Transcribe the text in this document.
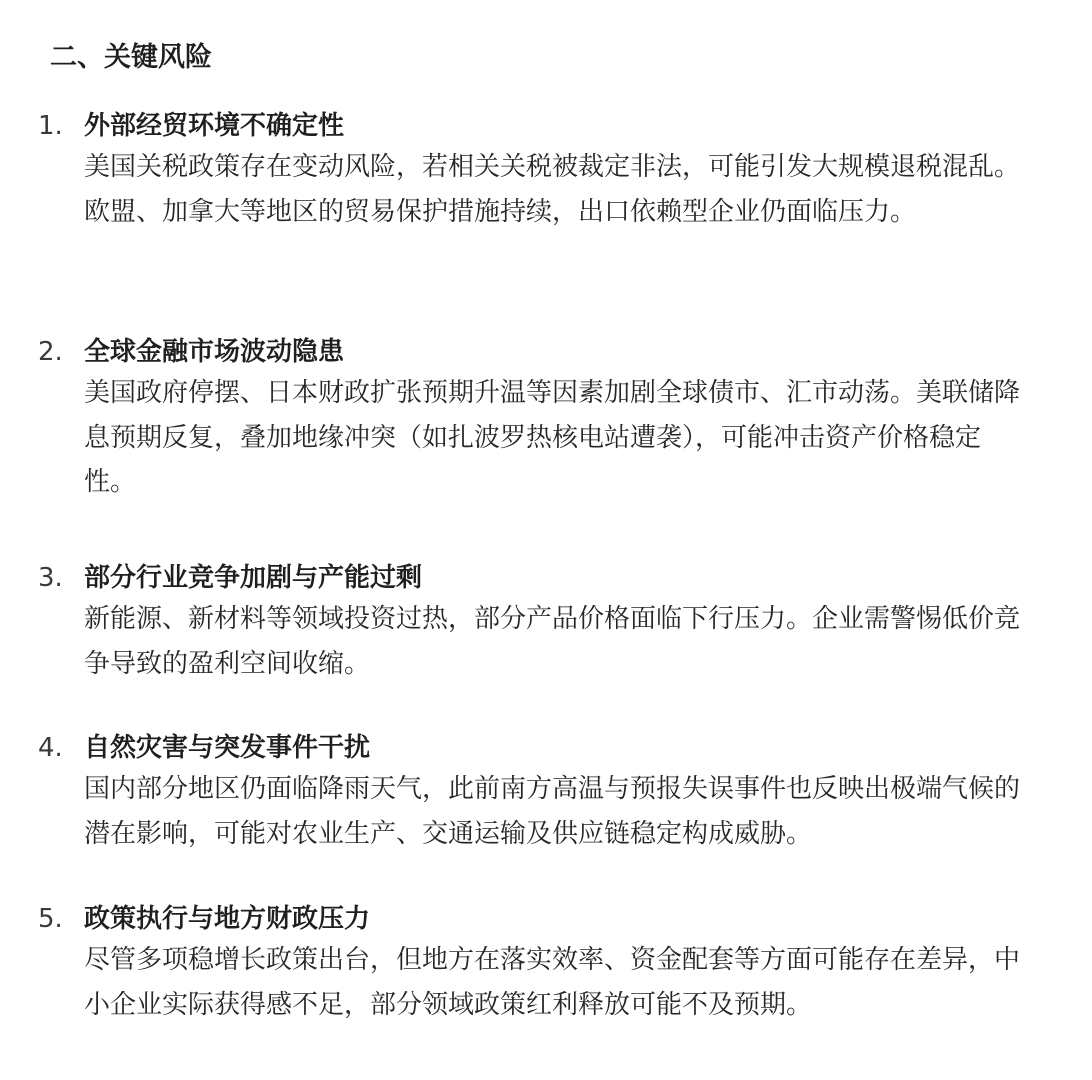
二、关键风险
1. 外部经贸环境不确定性

美国关税政策存在变动风险，若相关关税被裁定非法，可能引发大规模退税混乱。欧盟、加拿大等地区的贸易保护措施持续，出口依赖型企业仍面临压力。

2. 全球金融市场波动隐患

美国政府停摆、日本财政扩张预期升温等因素加剧全球债市、汇市动荡。美联储降息预期反复，叠加地缘冲突（如扎波罗热核电站遭袭），可能冲击资产价格稳定性。

3. 部分行业竞争加剧与产能过剩

新能源、新材料等领域投资过热，部分产品价格面临下行压力。企业需警惕低价竞争导致的盈利空间收缩。

4. 自然灾害与突发事件干扰

国内部分地区仍面临降雨天气，此前南方高温与预报失误事件也反映出极端气候的潜在影响，可能对农业生产、交通运输及供应链稳定构成威胁。

5. 政策执行与地方财政压力

尽管多项稳增长政策出台，但地方在落实效率、资金配套等方面可能存在差异，中小企业实际获得感不足，部分领域政策红利释放可能不及预期。
